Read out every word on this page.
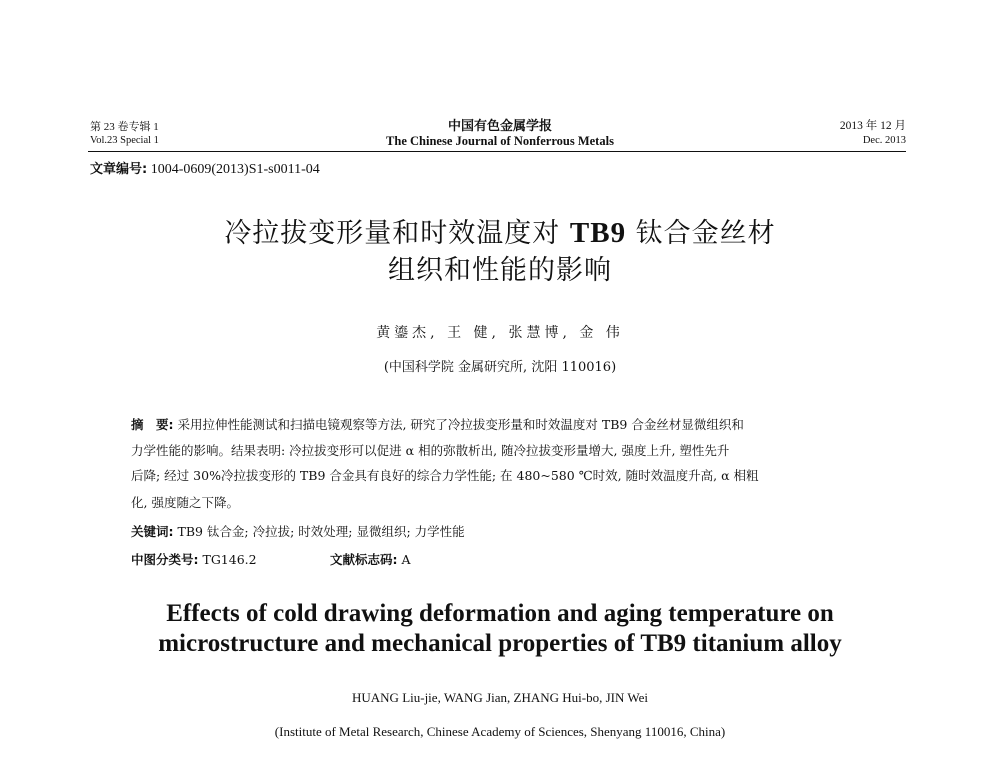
第 23 卷专辑 1
Vol.23 Special 1
中国有色金属学报
The Chinese Journal of Nonferrous Metals
2013 年 12 月
Dec. 2013
文章编号: 1004-0609(2013)S1-s0011-04
冷拉拔变形量和时效温度对 TB9 钛合金丝材
组织和性能的影响
黄鎏杰, 王 健, 张慧博, 金 伟
(中国科学院 金属研究所, 沈阳 110016)
摘　要: 采用拉伸性能测试和扫描电镜观察等方法, 研究了冷拉拔变形量和时效温度对 TB9 合金丝材显微组织和
力学性能的影响。结果表明: 冷拉拔变形可以促进 α 相的弥散析出, 随冷拉拔变形量增大, 强度上升, 塑性先升
后降; 经过 30%冷拉拔变形的 TB9 合金具有良好的综合力学性能; 在 480~580 ℃时效, 随时效温度升高, α 相粗
化, 强度随之下降。
关键词: TB9 钛合金; 冷拉拔; 时效处理; 显微组织; 力学性能
中图分类号: TG146.2	文献标志码: A
Effects of cold drawing deformation and aging temperature on
microstructure and mechanical properties of TB9 titanium alloy
HUANG Liu-jie, WANG Jian, ZHANG Hui-bo, JIN Wei
(Institute of Metal Research, Chinese Academy of Sciences, Shenyang 110016, China)
